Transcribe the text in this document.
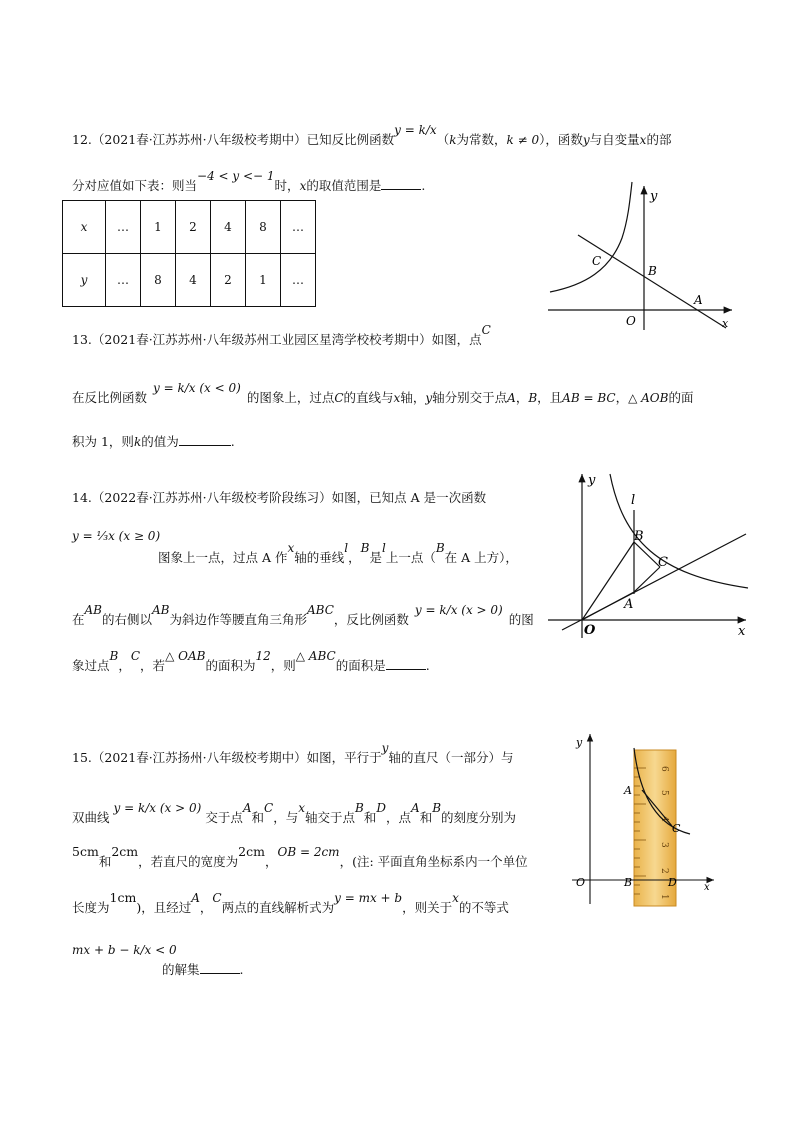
12.（2021春·江苏苏州·八年级校考期中）已知反比例函数y = k/x（k为常数，k ≠ 0），函数y与自变量x的部
分对应值如下表：则当−4 < y <− 1时，x的取值范围是	.
x	…	1	2	4	8	…
y	…	8	4	2	1	…
y
x
O
A
B
C
13.（2021春·江苏苏州·八年级苏州工业园区星湾学校校考期中）如图，点C
在反比例函数y = k/x (x < 0)的图象上，过点C的直线与x轴，y轴分别交于点A，B，且AB = BC，△ AOB的面
积为 1，则k的值为	.
14.（2022春·江苏苏州·八年级校考阶段练习）如图，已知点 A 是一次函数
y = ⅓x (x ≥ 0)
图象上一点，过点 A 作x轴的垂线l，B是l上一点（B在 A 上方），
在AB的右侧以AB为斜边作等腰直角三角形ABC，反比例函数y = k/x (x > 0)的图
象过点B，C，若△ OAB的面积为12，则△ ABC的面积是	.
y
l
B
C
A
O	x
15.（2021春·江苏扬州·八年级校考期中）如图，平行于y轴的直尺（一部分）与
双曲线y = k/x (x > 0)交于点A和C，与x轴交于点B和D，点A和B的刻度分别为
5cm和2cm，若直尺的宽度为2cm，OB = 2cm，(注: 平面直角坐标系内一个单位
长度为1cm)，且经过A，C两点的直线解析式为y = mx + b，则关于x的不等式
mx + b − k/x < 0
的解集	.
6
5
4
3
2
1
y
O	B	D	x
A
C
